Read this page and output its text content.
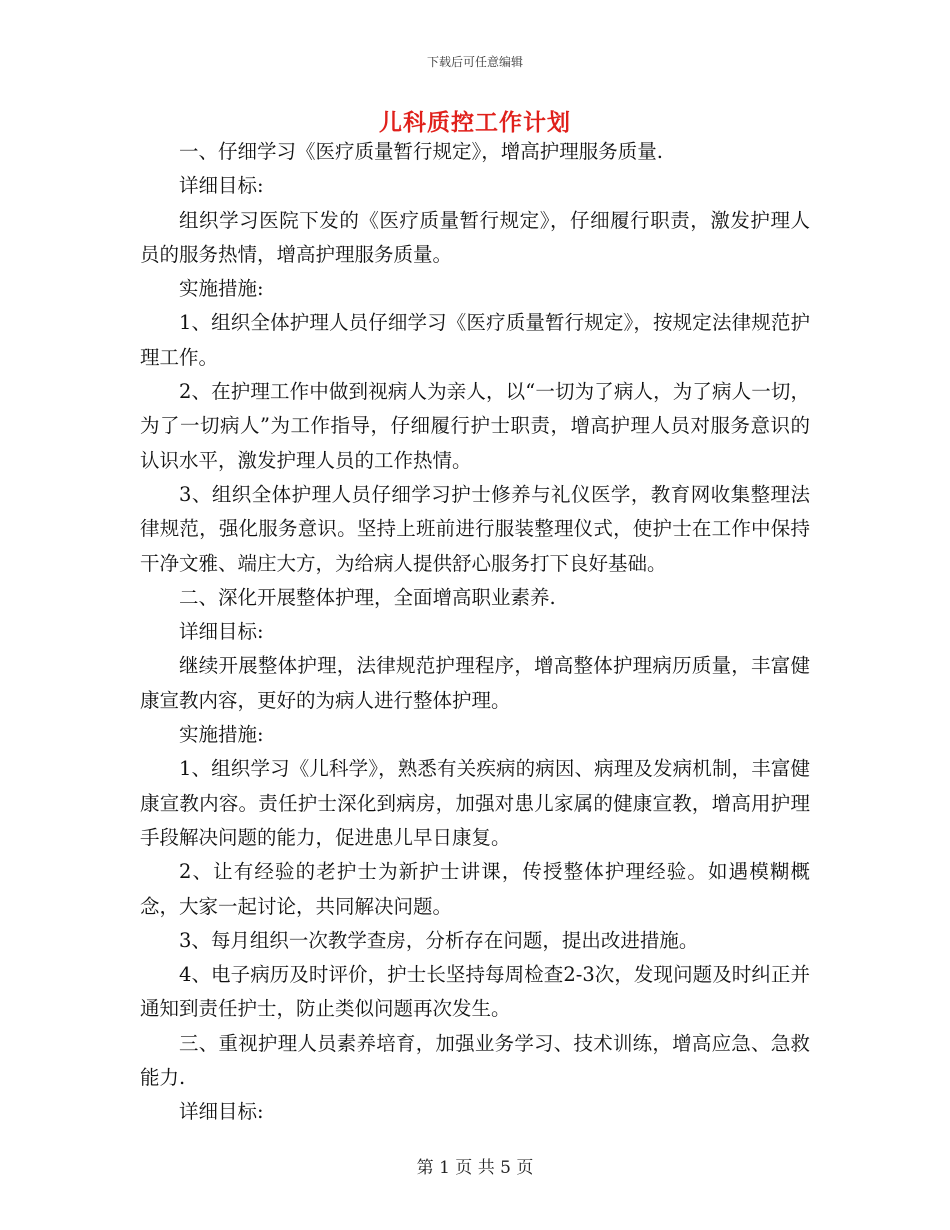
下载后可任意编辑
儿科质控工作计划

一、仔细学习《医疗质量暂行规定》，增高护理服务质量.

详细目标:

组织学习医院下发的《医疗质量暂行规定》，仔细履行职责，激发护理人员的服务热情，增高护理服务质量。

实施措施:

1、组织全体护理人员仔细学习《医疗质量暂行规定》，按规定法律规范护理工作。

2、在护理工作中做到视病人为亲人，以“一切为了病人，为了病人一切，为了一切病人”为工作指导，仔细履行护士职责，增高护理人员对服务意识的认识水平，激发护理人员的工作热情。

3、组织全体护理人员仔细学习护士修养与礼仪医学，教育网收集整理法律规范，强化服务意识。坚持上班前进行服装整理仪式，使护士在工作中保持干净文雅、端庄大方，为给病人提供舒心服务打下良好基础。

二、深化开展整体护理，全面增高职业素养.

详细目标:

继续开展整体护理，法律规范护理程序，增高整体护理病历质量，丰富健康宣教内容，更好的为病人进行整体护理。

实施措施:

1、组织学习《儿科学》，熟悉有关疾病的病因、病理及发病机制，丰富健康宣教内容。责任护士深化到病房，加强对患儿家属的健康宣教，增高用护理手段解决问题的能力，促进患儿早日康复。

2、让有经验的老护士为新护士讲课，传授整体护理经验。如遇模糊概念，大家一起讨论，共同解决问题。

3、每月组织一次教学查房，分析存在问题，提出改进措施。

4、电子病历及时评价，护士长坚持每周检查2-3次，发现问题及时纠正并通知到责任护士，防止类似问题再次发生。

三、重视护理人员素养培育，加强业务学习、技术训练，增高应急、急救能力.

详细目标:

第 1 页 共 5 页
